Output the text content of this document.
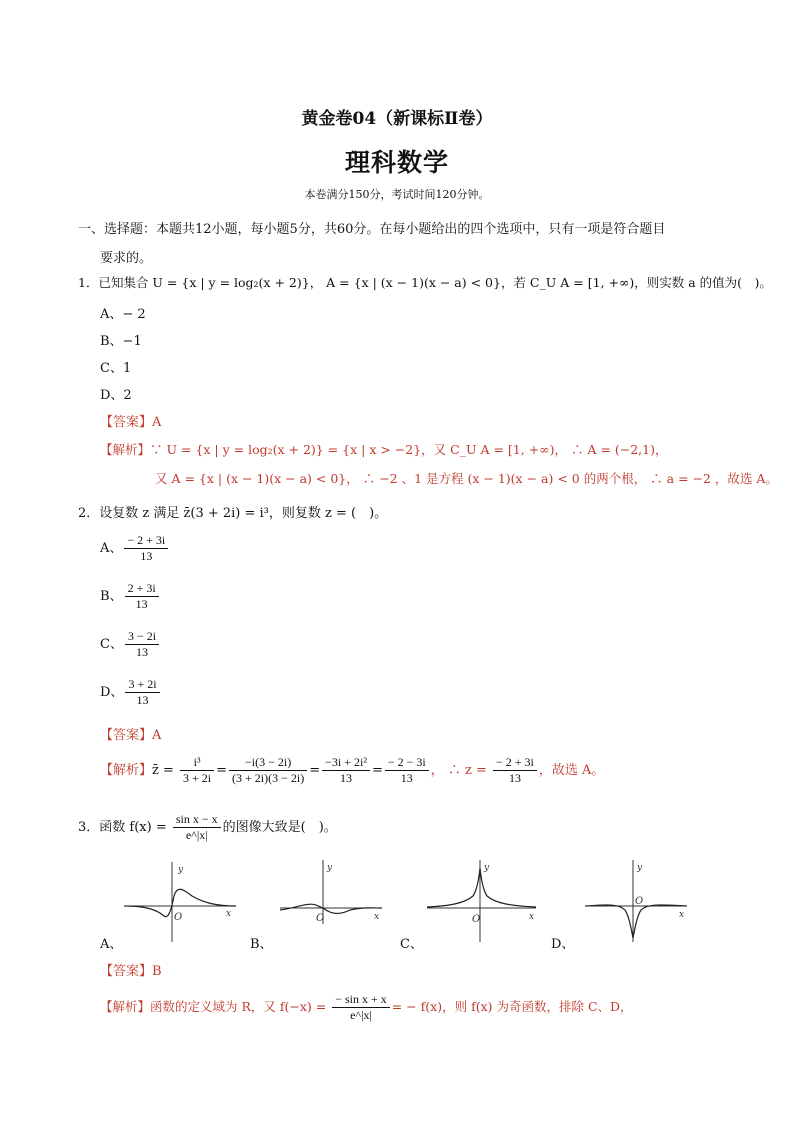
黄金卷04（新课标Ⅱ卷）
理科数学
本卷满分150分，考试时间120分钟。
一、选择题：本题共12小题，每小题5分，共60分。在每小题给出的四个选项中，只有一项是符合题目
要求的。
1．已知集合 U = {x | y = log₂(x + 2)}， A = {x | (x − 1)(x − a) < 0}，若 C_U A = [1, +∞)，则实数 a 的值为(　)。
A、− 2
B、−1
C、1
D、2
【答案】A
【解析】∵ U = {x | y = log₂(x + 2)} = {x | x > −2}，又 C_U A = [1, +∞)， ∴ A = (−2,1)，
又 A = {x | (x − 1)(x − a) < 0}， ∴ −2 、1 是方程 (x − 1)(x − a) < 0 的两个根， ∴ a = −2 ，故选 A。
2．设复数 z 满足 z̄(3 + 2i) = i³，则复数 z = (　)。
A、 $\frac{- 2 + 3i}{13}$
B、 $\frac{2 + 3i}{13}$
C、 $\frac{3 - 2i}{13}$
D、 $\frac{3 + 2i}{13}$
【答案】A
【解析】z̄ = $\frac{\text{i³}}{3 + 2i} = \frac{-i(3 - 2i)}{(3 + 2i)(3 - 2i)} = \frac{\text{−3i + 2i²}}{13} = \frac{- 2 - 3i}{13}$ ， ∴ $z = \frac{- 2 + 3i}{13}$ ，故选 A。
3．函数 $f(x) = \frac{\text{sin x − x}}{e\^{}|x|}$ 的图像大致是(　)。
y
x
O
A、
y
x
O
B、
y
x
O
C、
y
x
O
D、
【答案】B
【解析】函数的定义域为 R，又 $f(-x) = \frac{\text{− sin x + x}}{e\^{}|x|}$ = − f(x)，则 f(x) 为奇函数，排除 C、D，
